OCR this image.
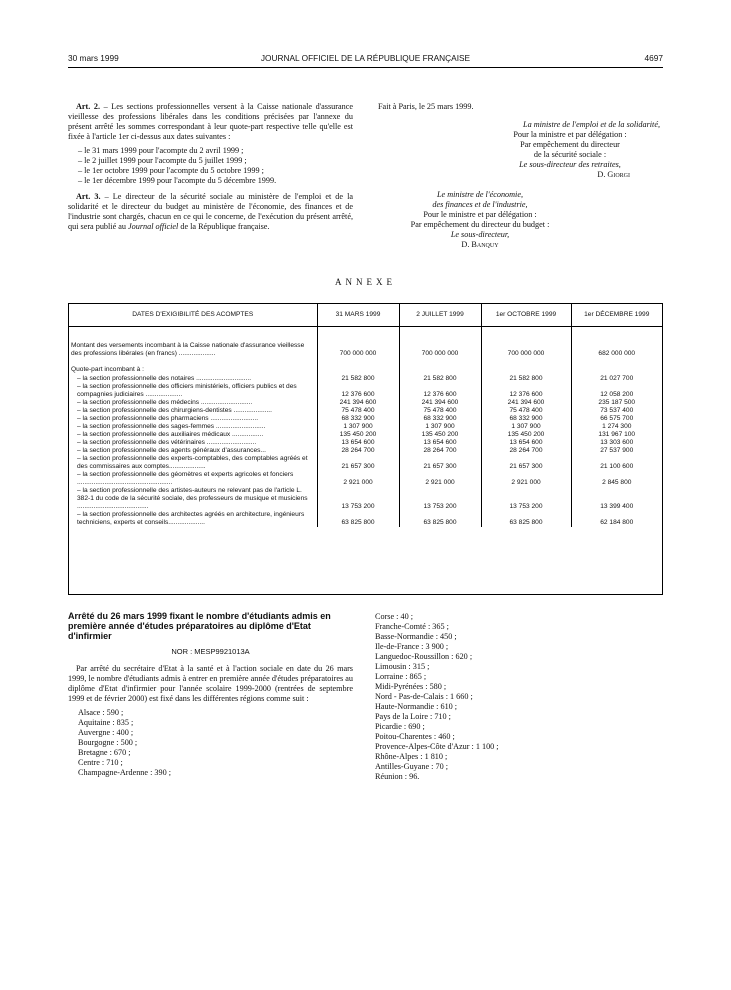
30 mars 1999	JOURNAL OFFICIEL DE LA RÉPUBLIQUE FRANÇAISE	4697

Art. 2. – Les sections professionnelles versent à la Caisse nationale d'assurance vieillesse des professions libérales dans les conditions précisées par l'annexe du présent arrêté les sommes correspondant à leur quote-part respective telle qu'elle est fixée à l'article 1er ci-dessus aux dates suivantes :

– le 31 mars 1999 pour l'acompte du 2 avril 1999 ;
– le 2 juillet 1999 pour l'acompte du 5 juillet 1999 ;
– le 1er octobre 1999 pour l'acompte du 5 octobre 1999 ;
– le 1er décembre 1999 pour l'acompte du 5 décembre 1999.

Art. 3. – Le directeur de la sécurité sociale au ministère de l'emploi et de la solidarité et le directeur du budget au ministère de l'économie, des finances et de l'industrie sont chargés, chacun en ce qui le concerne, de l'exécution du présent arrêté, qui sera publié au Journal officiel de la République française.

Fait à Paris, le 25 mars 1999.
La ministre de l'emploi et de la solidarité,
Pour la ministre et par délégation :
Par empêchement du directeur
de la sécurité sociale :
Le sous-directeur des retraites,
D. Giorgi
Le ministre de l'économie,
des finances et de l'industrie,
Pour le ministre et par délégation :
Par empêchement du directeur du budget :
Le sous-directeur,
D. Banquy
ANNEXE
DATES D'EXIGIBILITÉ DES ACOMPTES	31 MARS 1999	2 JUILLET 1999	1er OCTOBRE 1999	1er DÉCEMBRE 1999
Montant des versements incombant à la Caisse nationale d'assurance vieillesse des professions libérales (en francs) ....................	700 000 000	700 000 000	700 000 000	682 000 000
Quote-part incombant à :				
– la section professionnelle des notaires ..............................	21 582 800	21 582 800	21 582 800	21 027 700
– la section professionnelle des officiers ministériels, officiers publics et des compagnies judiciaires ....................	12 376 600	12 376 600	12 376 600	12 058 200
– la section professionnelle des médecins ............................	241 394 600	241 394 600	241 394 600	235 187 500
– la section professionnelle des chirurgiens-dentistes .....................	75 478 400	75 478 400	75 478 400	73 537 400
– la section professionnelle des pharmaciens ..........................	68 332 900	68 332 900	68 332 900	66 575 700
– la section professionnelle des sages-femmes ...........................	1 307 900	1 307 900	1 307 900	1 274 300
– la section professionnelle des auxiliaires médicaux .................	135 450 200	135 450 200	135 450 200	131 967 100
– la section professionnelle des vétérinaires ...........................	13 654 600	13 654 600	13 654 600	13 303 600
– la section professionnelle des agents généraux d'assurances...	28 264 700	28 264 700	28 264 700	27 537 900
– la section professionnelle des experts-comptables, des comptables agréés et des commissaires aux comptes....................	21 657 300	21 657 300	21 657 300	21 100 600
– la section professionnelle des géomètres et experts agricoles et fonciers ....................................................	2 921 000	2 921 000	2 921 000	2 845 800
– la section professionnelle des artistes-auteurs ne relevant pas de l'article L. 382-1 du code de la sécurité sociale, des professeurs de musique et musiciens .......................................	13 753 200	13 753 200	13 753 200	13 399 400
– la section professionnelle des architectes agréés en architecture, ingénieurs techniciens, experts et conseils....................	63 825 800	63 825 800	63 825 800	62 184 800
Arrêté du 26 mars 1999 fixant le nombre d'étudiants admis en première année d'études préparatoires au diplôme d'Etat d'infirmier
NOR : MESP9921013A

Par arrêté du secrétaire d'Etat à la santé et à l'action sociale en date du 26 mars 1999, le nombre d'étudiants admis à entrer en première année d'études préparatoires au diplôme d'Etat d'infirmier pour l'année scolaire 1999-2000 (rentrées de septembre 1999 et de février 2000) est fixé dans les différentes régions comme suit :

Alsace : 590 ;
Aquitaine : 835 ;
Auvergne : 400 ;
Bourgogne : 500 ;
Bretagne : 670 ;
Centre : 710 ;
Champagne-Ardenne : 390 ;
Corse : 40 ;
Franche-Comté : 365 ;
Basse-Normandie : 450 ;
Ile-de-France : 3 900 ;
Languedoc-Roussillon : 620 ;
Limousin : 315 ;
Lorraine : 865 ;
Midi-Pyrénées : 580 ;
Nord - Pas-de-Calais : 1 660 ;
Haute-Normandie : 610 ;
Pays de la Loire : 710 ;
Picardie : 690 ;
Poitou-Charentes : 460 ;
Provence-Alpes-Côte d'Azur : 1 100 ;
Rhône-Alpes : 1 810 ;
Antilles-Guyane : 70 ;
Réunion : 96.
